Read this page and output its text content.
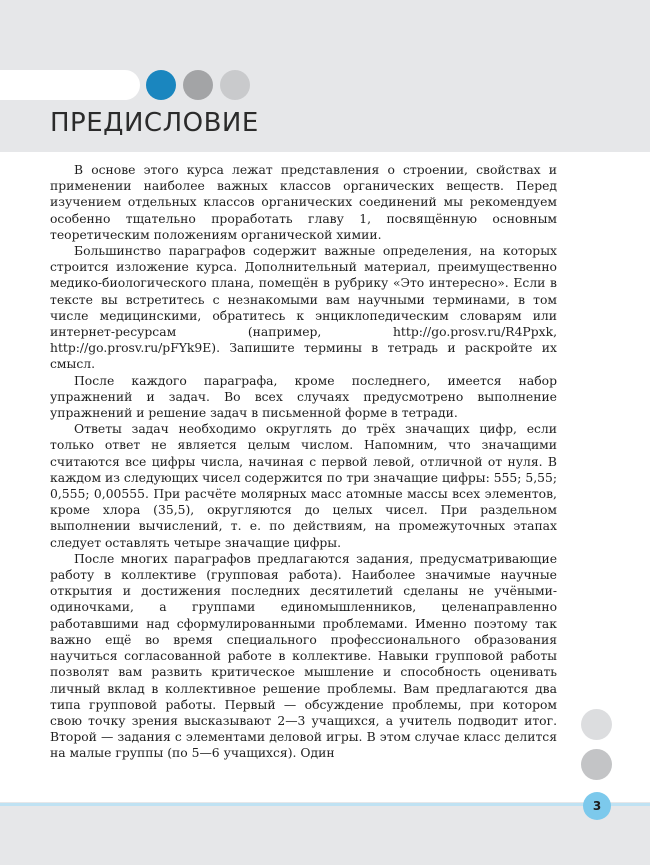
ПРЕДИСЛОВИЕ

В основе этого курса лежат представления о строении, свойствах и применении наиболее важных классов органических веществ. Перед изучением отдельных классов органических соединений мы рекомендуем особенно тщательно проработать главу 1, посвящённую основным теоретическим положениям органической химии.

Большинство параграфов содержит важные определения, на которых строится изложение курса. Дополнительный материал, преимущественно медико-биологического плана, помещён в рубрику «Это интересно». Если в тексте вы встретитесь с незнакомыми вам научными терминами, в том числе медицинскими, обратитесь к энциклопедическим словарям или интернет-ресурсам (например, http://go.prosv.ru/R4Ppxk, http://go.prosv.ru/pFYk9E). Запишите термины в тетрадь и раскройте их смысл.

После каждого параграфа, кроме последнего, имеется набор упражнений и задач. Во всех случаях предусмотрено выполнение упражнений и решение задач в письменной форме в тетради.

Ответы задач необходимо округлять до трёх значащих цифр, если только ответ не является целым числом. Напомним, что значащими считаются все цифры числа, начиная с первой левой, отличной от нуля. В каждом из следующих чисел содержится по три значащие цифры: 555; 5,55; 0,555; 0,00555. При расчёте молярных масс атомные массы всех элементов, кроме хлора (35,5), округляются до целых чисел. При раздельном выполнении вычислений, т. е. по действиям, на промежуточных этапах следует оставлять четыре значащие цифры.

После многих параграфов предлагаются задания, предусматривающие работу в коллективе (групповая работа). Наиболее значимые научные открытия и достижения последних десятилетий сделаны не учёными-одиночками, а группами единомышленников, целенаправленно работавшими над сформулированными проблемами. Именно поэтому так важно ещё во время специального профессионального образования научиться согласованной работе в коллективе. Навыки групповой работы позволят вам развить критическое мышление и способность оценивать личный вклад в коллективное решение проблемы. Вам предлагаются два типа групповой работы. Первый — обсуждение проблемы, при котором свою точку зрения высказывают 2—3 учащихся, а учитель подводит итог. Второй — задания с элементами деловой игры. В этом случае класс делится на малые группы (по 5—6 учащихся). Один

3
